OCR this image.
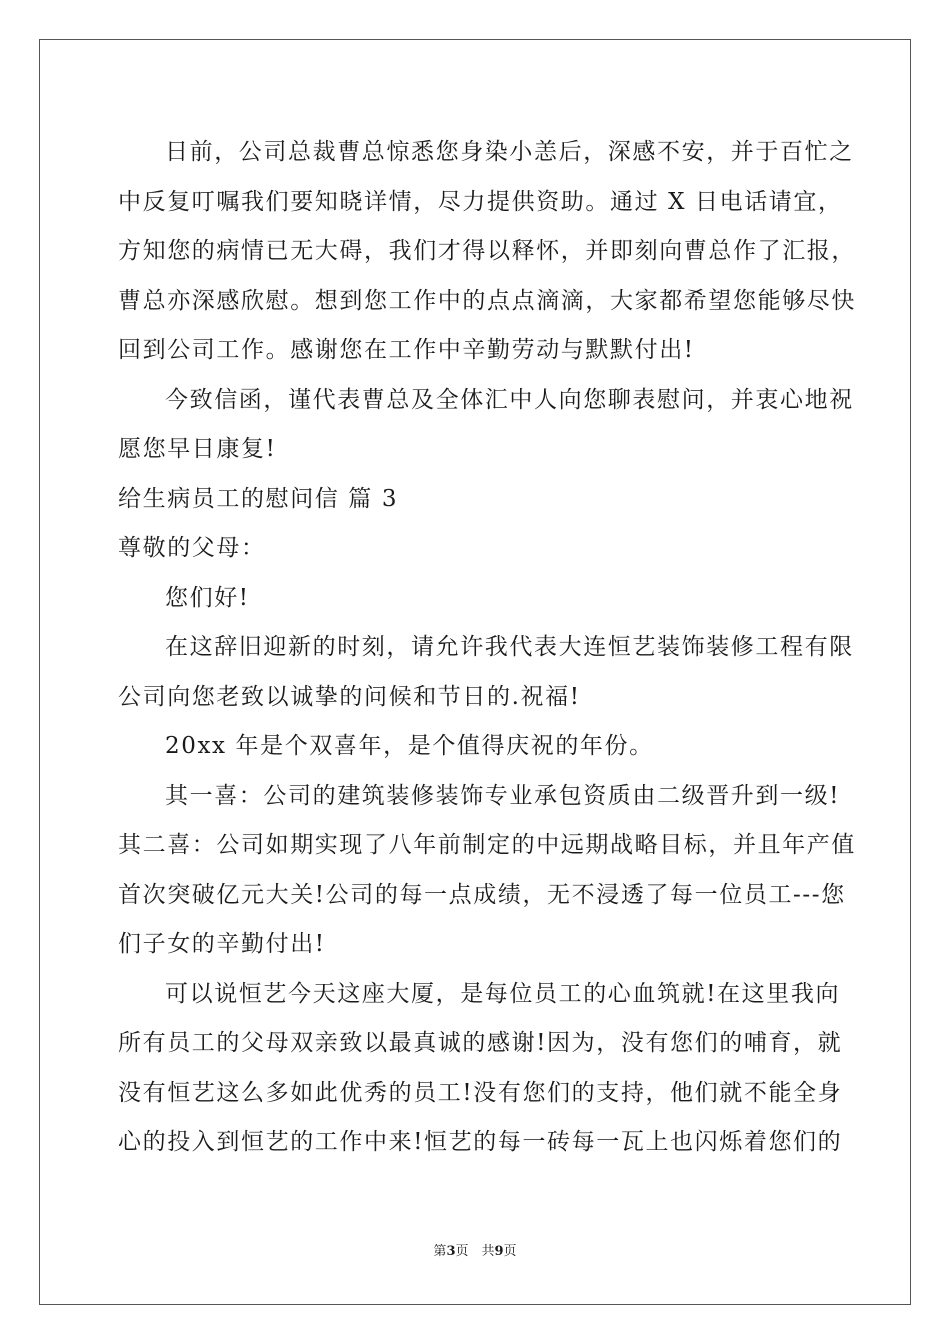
日前，公司总裁曹总惊悉您身染小恙后，深感不安，并于百忙之
中反复叮嘱我们要知晓详情，尽力提供资助。通过 X 日电话请宜，
方知您的病情已无大碍，我们才得以释怀，并即刻向曹总作了汇报，
曹总亦深感欣慰。想到您工作中的点点滴滴，大家都希望您能够尽快
回到公司工作。感谢您在工作中辛勤劳动与默默付出!
今致信函，谨代表曹总及全体汇中人向您聊表慰问，并衷心地祝
愿您早日康复!
给生病员工的慰问信 篇 3
尊敬的父母：
您们好!
在这辞旧迎新的时刻，请允许我代表大连恒艺装饰装修工程有限
公司向您老致以诚挚的问候和节日的.祝福!
20xx 年是个双喜年，是个值得庆祝的年份。
其一喜：公司的建筑装修装饰专业承包资质由二级晋升到一级!
其二喜：公司如期实现了八年前制定的中远期战略目标，并且年产值
首次突破亿元大关!公司的每一点成绩，无不浸透了每一位员工---您
们子女的辛勤付出!
可以说恒艺今天这座大厦，是每位员工的心血筑就!在这里我向
所有员工的父母双亲致以最真诚的感谢!因为，没有您们的哺育，就
没有恒艺这么多如此优秀的员工!没有您们的支持，他们就不能全身
心的投入到恒艺的工作中来!恒艺的每一砖每一瓦上也闪烁着您们的
第3页　共9页
